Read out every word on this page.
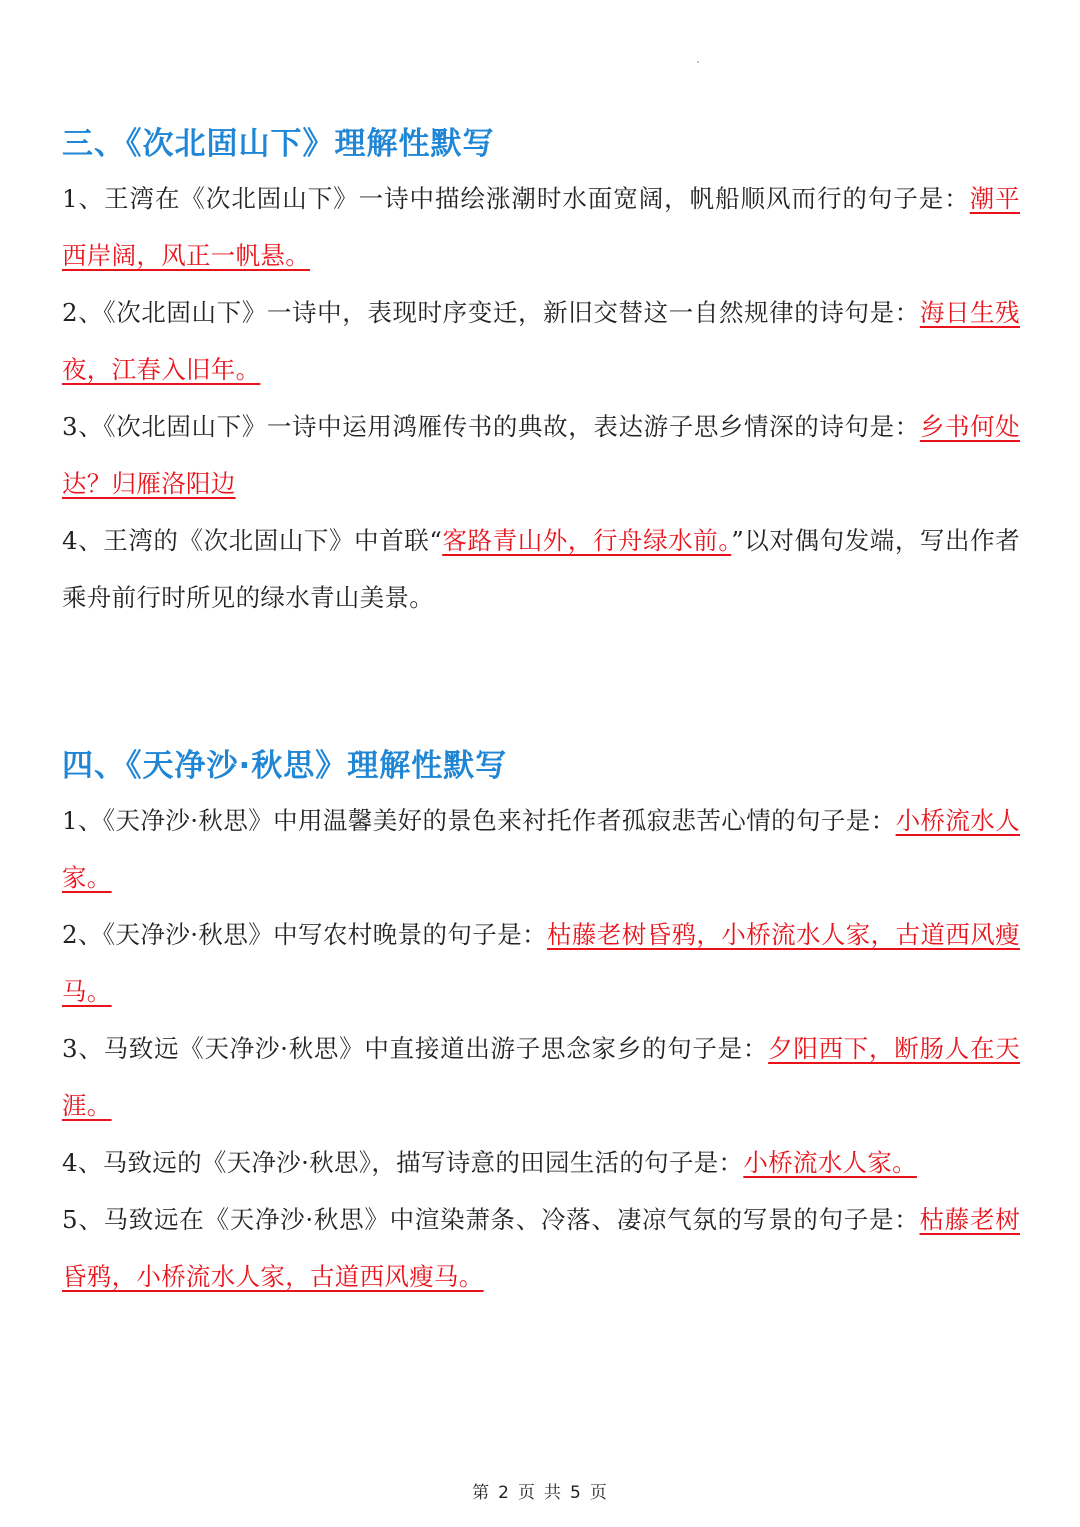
三、《次北固山下》理解性默写

1、王湾在《次北固山下》一诗中描绘涨潮时水面宽阔，帆船顺风而行的句子是：潮平西岸阔，风正一帆悬。

2、《次北固山下》一诗中，表现时序变迁，新旧交替这一自然规律的诗句是：海日生残夜，江春入旧年。

3、《次北固山下》一诗中运用鸿雁传书的典故，表达游子思乡情深的诗句是：乡书何处达？归雁洛阳边

4、王湾的《次北固山下》中首联“客路青山外，行舟绿水前。”以对偶句发端，写出作者乘舟前行时所见的绿水青山美景。

四、《天净沙·秋思》理解性默写

1、《天净沙·秋思》中用温馨美好的景色来衬托作者孤寂悲苦心情的句子是：小桥流水人家。

2、《天净沙·秋思》中写农村晚景的句子是：枯藤老树昏鸦，小桥流水人家，古道西风瘦马。

3、马致远《天净沙·秋思》中直接道出游子思念家乡的句子是：夕阳西下，断肠人在天涯。

4、马致远的《天净沙·秋思》，描写诗意的田园生活的句子是：小桥流水人家。

5、马致远在《天净沙·秋思》中渲染萧条、冷落、凄凉气氛的写景的句子是：枯藤老树昏鸦，小桥流水人家，古道西风瘦马。

第 2 页 共 5 页
